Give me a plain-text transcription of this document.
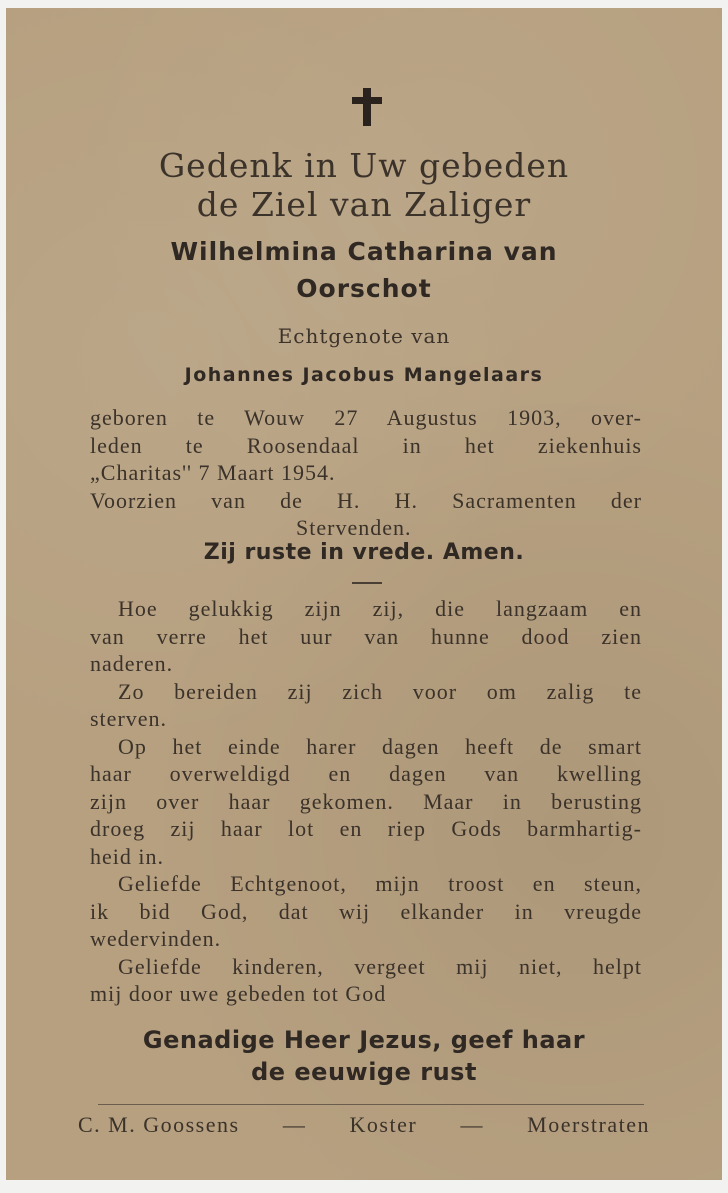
Gedenk in Uw gebeden
de Ziel van Zaliger
Wilhelmina Catharina van
Oorschot
Echtgenote van
Johannes Jacobus Mangelaars
geboren te Wouw 27 Augustus 1903, over-
leden te Roosendaal in het ziekenhuis
„Charitas'' 7 Maart 1954.
Voorzien van de H. H. Sacramenten der
Stervenden.
Zij ruste in vrede. Amen.
Hoe gelukkig zijn zij, die langzaam en
van verre het uur van hunne dood zien
naderen.
Zo bereiden zij zich voor om zalig te
sterven.
Op het einde harer dagen heeft de smart
haar overweldigd en dagen van kwelling
zijn over haar gekomen. Maar in berusting
droeg zij haar lot en riep Gods barmhartig-
heid in.
Geliefde Echtgenoot, mijn troost en steun,
ik bid God, dat wij elkander in vreugde
wedervinden.
Geliefde kinderen, vergeet mij niet, helpt
mij door uwe gebeden tot God
Genadige Heer Jezus, geef haar
de eeuwige rust
C. M. Goossens — Koster — Moerstraten
